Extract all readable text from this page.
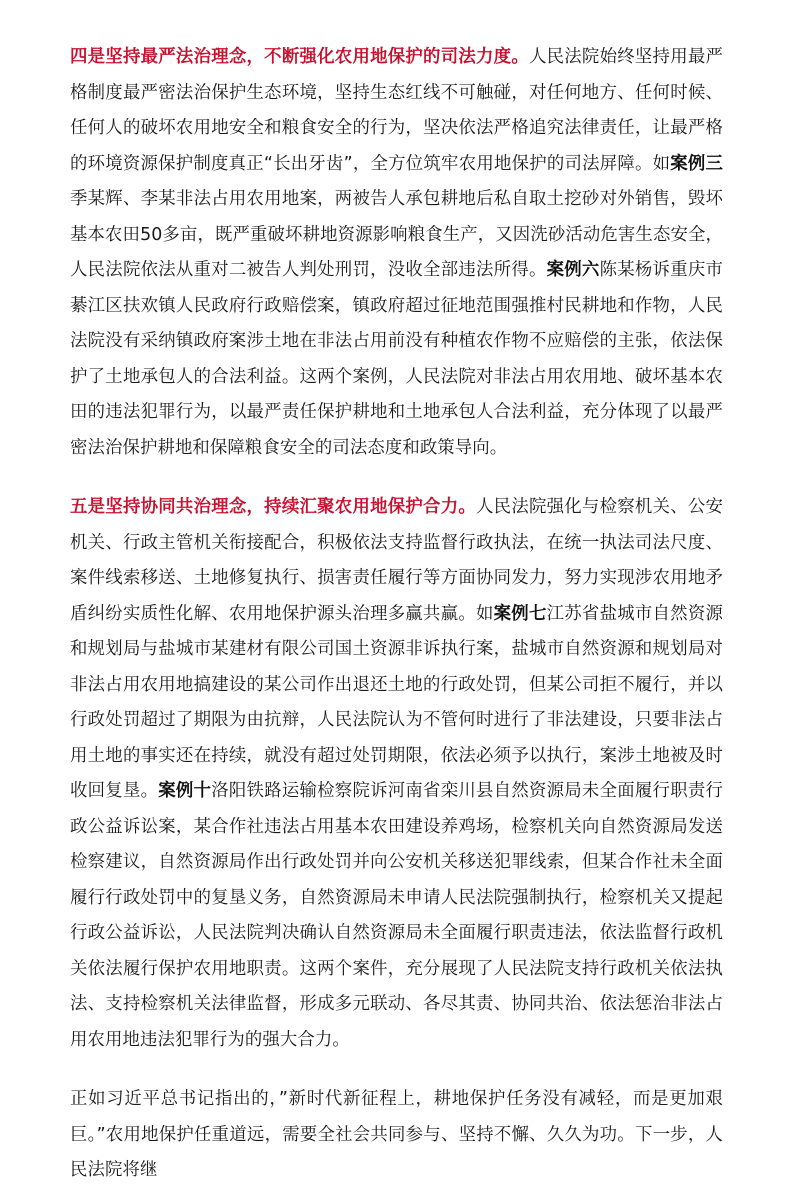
四是坚持最严法治理念，不断强化农用地保护的司法力度。人民法院始终坚持用最严格制度最严密法治保护生态环境，坚持生态红线不可触碰，对任何地方、任何时候、任何人的破坏农用地安全和粮食安全的行为，坚决依法严格追究法律责任，让最严格的环境资源保护制度真正“长出牙齿”，全方位筑牢农用地保护的司法屏障。如案例三季某辉、李某非法占用农用地案，两被告人承包耕地后私自取土挖砂对外销售，毁坏基本农田50多亩，既严重破坏耕地资源影响粮食生产，又因洗砂活动危害生态安全，人民法院依法从重对二被告人判处刑罚，没收全部违法所得。案例六陈某杨诉重庆市綦江区扶欢镇人民政府行政赔偿案，镇政府超过征地范围强推村民耕地和作物，人民法院没有采纳镇政府案涉土地在非法占用前没有种植农作物不应赔偿的主张，依法保护了土地承包人的合法利益。这两个案例，人民法院对非法占用农用地、破坏基本农田的违法犯罪行为，以最严责任保护耕地和土地承包人合法利益，充分体现了以最严密法治保护耕地和保障粮食安全的司法态度和政策导向。

五是坚持协同共治理念，持续汇聚农用地保护合力。人民法院强化与检察机关、公安机关、行政主管机关衔接配合，积极依法支持监督行政执法，在统一执法司法尺度、案件线索移送、土地修复执行、损害责任履行等方面协同发力，努力实现涉农用地矛盾纠纷实质性化解、农用地保护源头治理多赢共赢。如案例七江苏省盐城市自然资源和规划局与盐城市某建材有限公司国土资源非诉执行案，盐城市自然资源和规划局对非法占用农用地搞建设的某公司作出退还土地的行政处罚，但某公司拒不履行，并以行政处罚超过了期限为由抗辩，人民法院认为不管何时进行了非法建设，只要非法占用土地的事实还在持续，就没有超过处罚期限，依法必须予以执行，案涉土地被及时收回复垦。案例十洛阳铁路运输检察院诉河南省栾川县自然资源局未全面履行职责行政公益诉讼案，某合作社违法占用基本农田建设养鸡场，检察机关向自然资源局发送检察建议，自然资源局作出行政处罚并向公安机关移送犯罪线索，但某合作社未全面履行行政处罚中的复垦义务，自然资源局未申请人民法院强制执行，检察机关又提起行政公益诉讼，人民法院判决确认自然资源局未全面履行职责违法，依法监督行政机关依法履行保护农用地职责。这两个案件，充分展现了人民法院支持行政机关依法执法、支持检察机关法律监督，形成多元联动、各尽其责、协同共治、依法惩治非法占用农用地违法犯罪行为的强大合力。

正如习近平总书记指出的，”新时代新征程上，耕地保护任务没有减轻，而是更加艰巨。”农用地保护任重道远，需要全社会共同参与、坚持不懈、久久为功。下一步，人民法院将继
